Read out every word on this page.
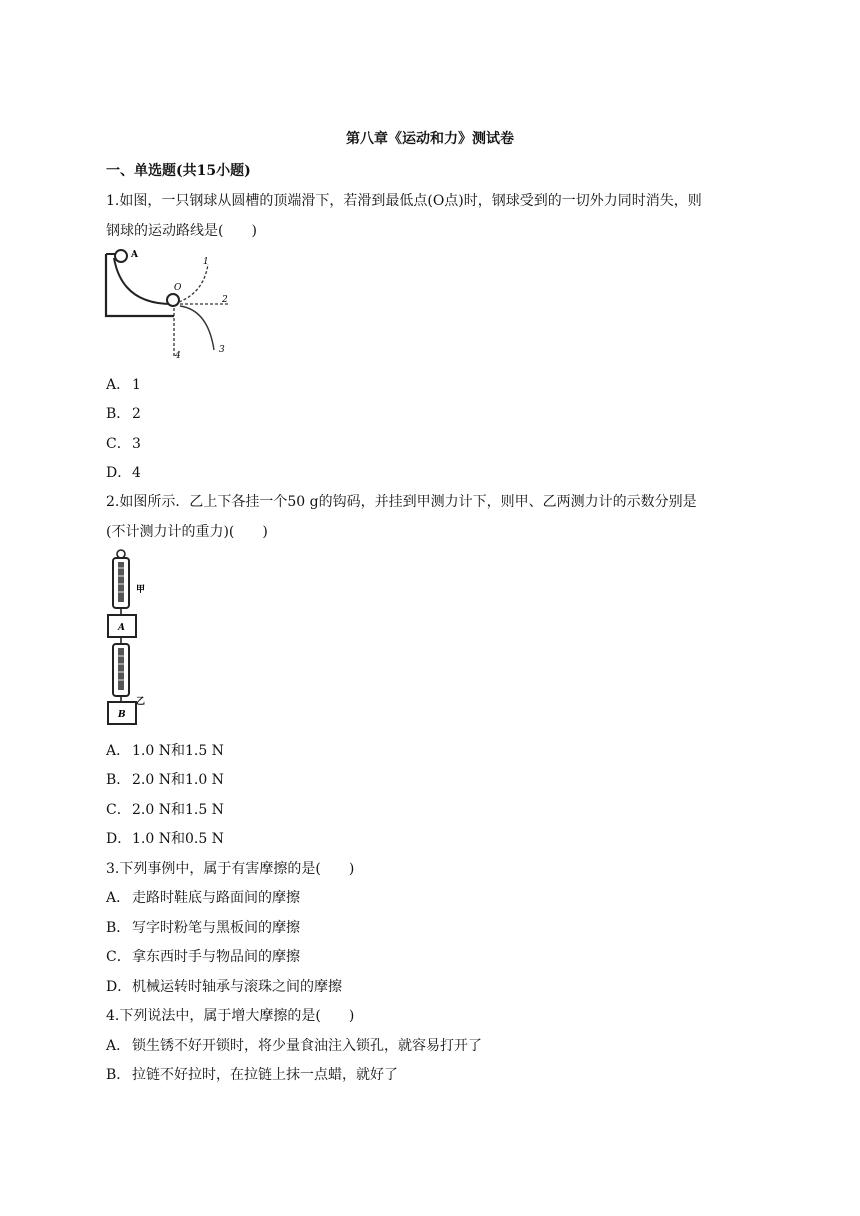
第八章《运动和力》测试卷
一、单选题(共15小题)
1.如图，一只钢球从圆槽的顶端滑下，若滑到最低点(O点)时，钢球受到的一切外力同时消失，则
钢球的运动路线是(　　)
A
O
1
2
3
4
A． 1
B． 2
C．3
D．4
2.如图所示．乙上下各挂一个50 g的钩码，并挂到甲测力计下，则甲、乙两测力计的示数分别是
(不计测力计的重力)(　　)
甲
A
乙
B
A． 1.0 N和1.5 N
B． 2.0 N和1.0 N
C．2.0 N和1.5 N
D．1.0 N和0.5 N
3.下列事例中，属于有害摩擦的是(　　)
A． 走路时鞋底与路面间的摩擦
B． 写字时粉笔与黑板间的摩擦
C．拿东西时手与物品间的摩擦
D．机械运转时轴承与滚珠之间的摩擦
4.下列说法中，属于增大摩擦的是(　　)
A． 锁生锈不好开锁时，将少量食油注入锁孔，就容易打开了
B． 拉链不好拉时，在拉链上抹一点蜡，就好了
